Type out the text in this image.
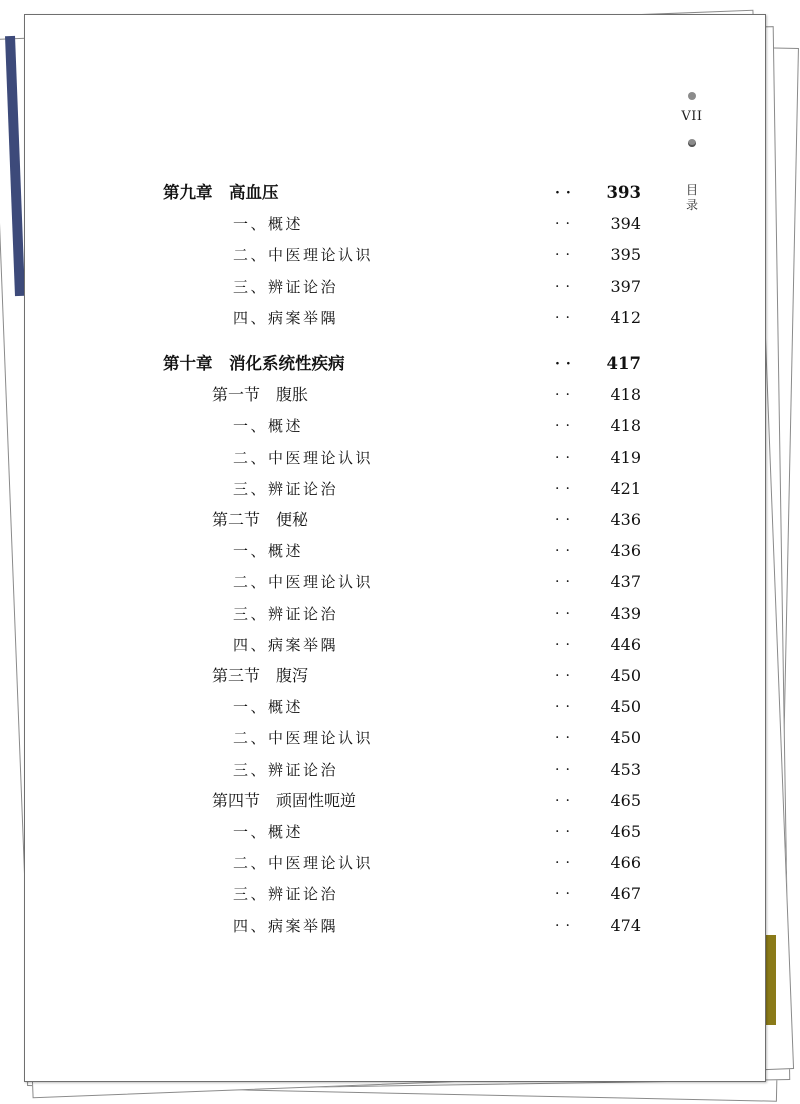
VII
目录
第九章　高血压	··	393
一、概述	··	394
二、中医理论认识	··	395
三、辨证论治	··	397
四、病案举隅	··	412
第十章　消化系统性疾病	··	417
第一节　腹胀	··	418
一、概述	··	418
二、中医理论认识	··	419
三、辨证论治	··	421
第二节　便秘	··	436
一、概述	··	436
二、中医理论认识	··	437
三、辨证论治	··	439
四、病案举隅	··	446
第三节　腹泻	··	450
一、概述	··	450
二、中医理论认识	··	450
三、辨证论治	··	453
第四节　顽固性呃逆	··	465
一、概述	··	465
二、中医理论认识	··	466
三、辨证论治	··	467
四、病案举隅	··	474
